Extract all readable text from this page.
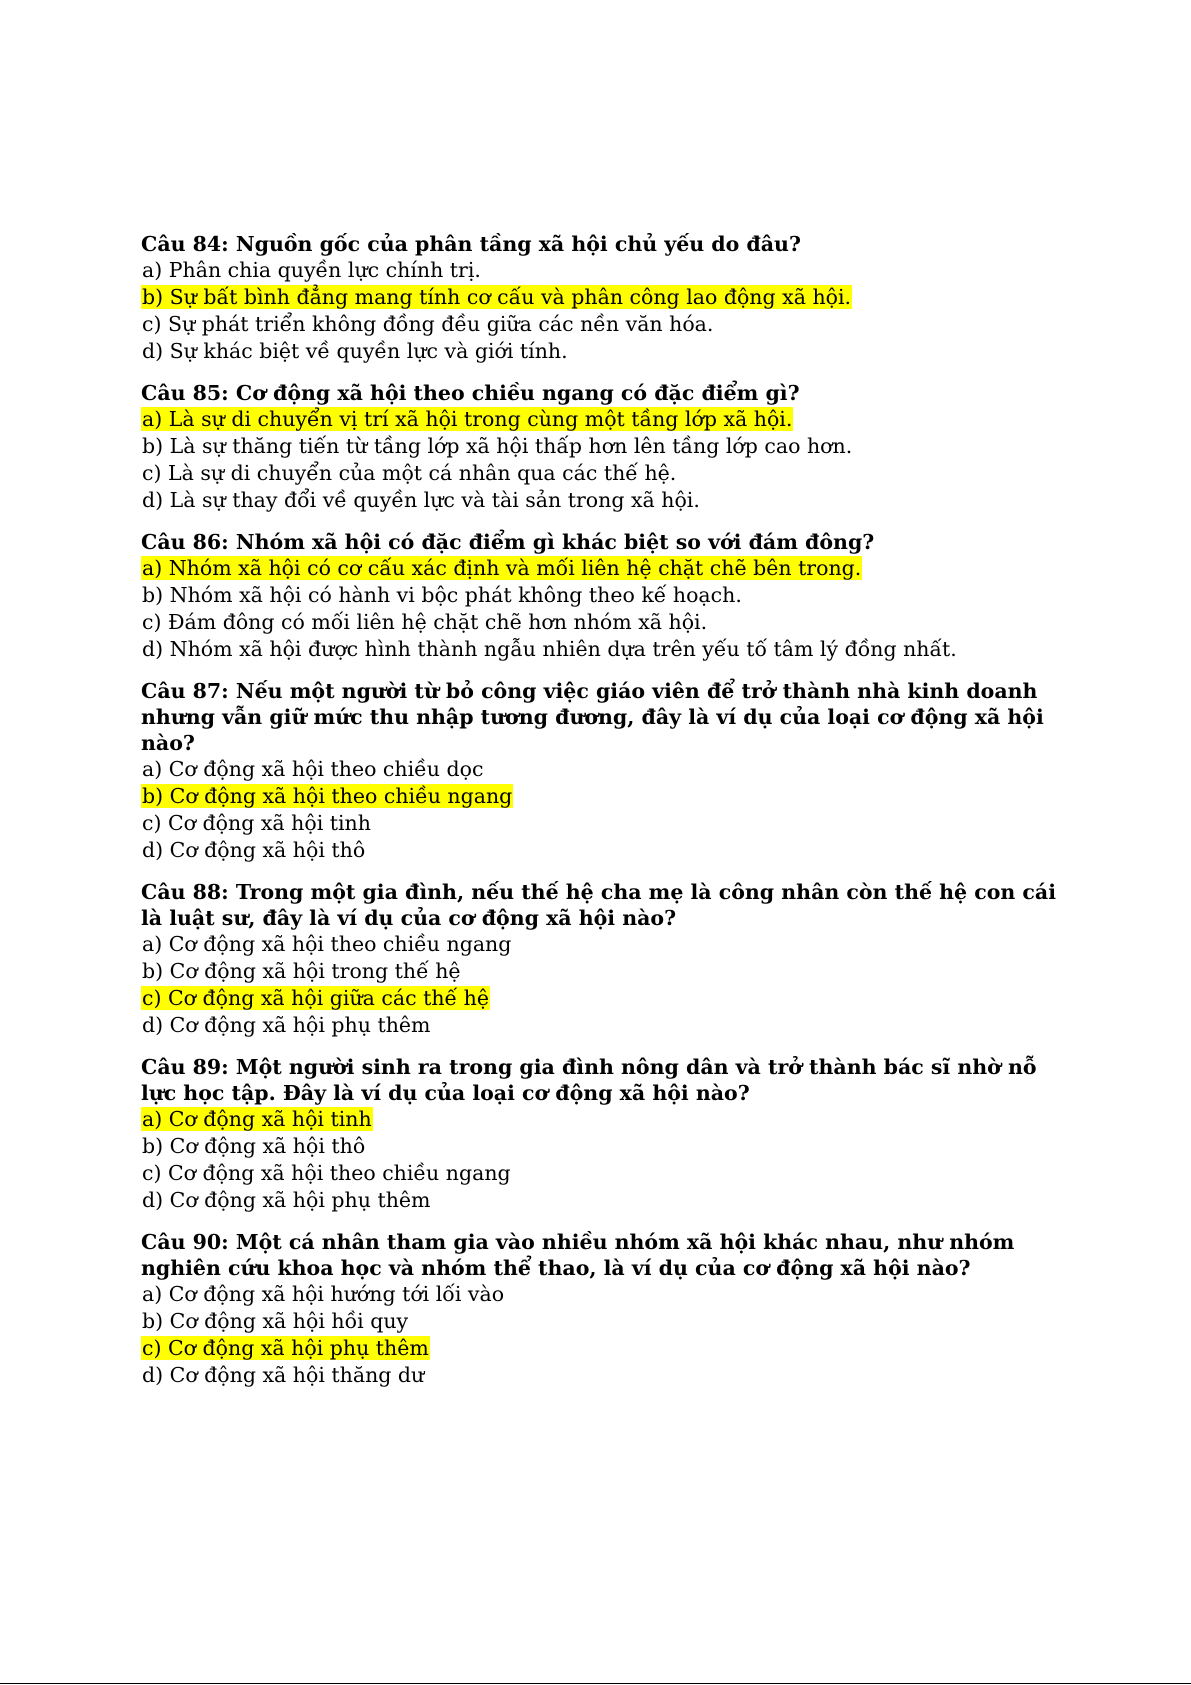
Câu 84: Nguồn gốc của phân tầng xã hội chủ yếu do đâu?

a) Phân chia quyền lực chính trị.

b) Sự bất bình đẳng mang tính cơ cấu và phân công lao động xã hội.

c) Sự phát triển không đồng đều giữa các nền văn hóa.

d) Sự khác biệt về quyền lực và giới tính.

Câu 85: Cơ động xã hội theo chiều ngang có đặc điểm gì?

a) Là sự di chuyển vị trí xã hội trong cùng một tầng lớp xã hội.

b) Là sự thăng tiến từ tầng lớp xã hội thấp hơn lên tầng lớp cao hơn.

c) Là sự di chuyển của một cá nhân qua các thế hệ.

d) Là sự thay đổi về quyền lực và tài sản trong xã hội.

Câu 86: Nhóm xã hội có đặc điểm gì khác biệt so với đám đông?

a) Nhóm xã hội có cơ cấu xác định và mối liên hệ chặt chẽ bên trong.

b) Nhóm xã hội có hành vi bộc phát không theo kế hoạch.

c) Đám đông có mối liên hệ chặt chẽ hơn nhóm xã hội.

d) Nhóm xã hội được hình thành ngẫu nhiên dựa trên yếu tố tâm lý đồng nhất.

Câu 87: Nếu một người từ bỏ công việc giáo viên để trở thành nhà kinh doanh nhưng vẫn giữ mức thu nhập tương đương, đây là ví dụ của loại cơ động xã hội nào?

a) Cơ động xã hội theo chiều dọc

b) Cơ động xã hội theo chiều ngang

c) Cơ động xã hội tinh

d) Cơ động xã hội thô

Câu 88: Trong một gia đình, nếu thế hệ cha mẹ là công nhân còn thế hệ con cái là luật sư, đây là ví dụ của cơ động xã hội nào?

a) Cơ động xã hội theo chiều ngang

b) Cơ động xã hội trong thế hệ

c) Cơ động xã hội giữa các thế hệ

d) Cơ động xã hội phụ thêm

Câu 89: Một người sinh ra trong gia đình nông dân và trở thành bác sĩ nhờ nỗ lực học tập. Đây là ví dụ của loại cơ động xã hội nào?

a) Cơ động xã hội tinh

b) Cơ động xã hội thô

c) Cơ động xã hội theo chiều ngang

d) Cơ động xã hội phụ thêm

Câu 90: Một cá nhân tham gia vào nhiều nhóm xã hội khác nhau, như nhóm nghiên cứu khoa học và nhóm thể thao, là ví dụ của cơ động xã hội nào?

a) Cơ động xã hội hướng tới lối vào

b) Cơ động xã hội hồi quy

c) Cơ động xã hội phụ thêm

d) Cơ động xã hội thăng dư
